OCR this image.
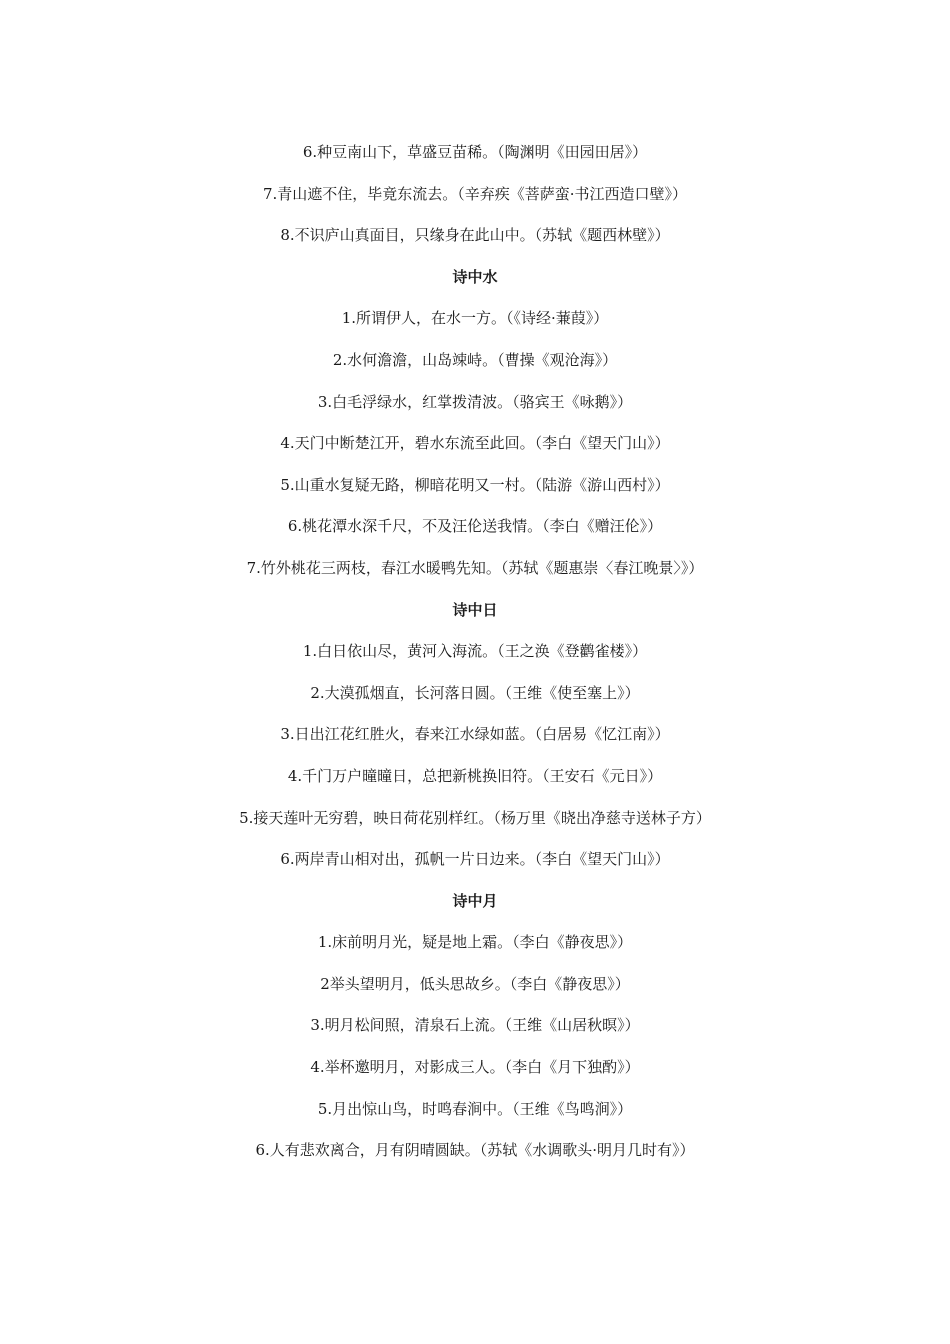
6.种豆南山下，草盛豆苗稀。（陶渊明《田园田居》）
7.青山遮不住，毕竟东流去。（辛弃疾《菩萨蛮·书江西造口壁》）
8.不识庐山真面目，只缘身在此山中。（苏轼《题西林壁》）
诗中水
1.所谓伊人，在水一方。（《诗经·蒹葭》）
2.水何澹澹，山岛竦峙。（曹操《观沧海》）
3.白毛浮绿水，红掌拨清波。（骆宾王《咏鹅》）
4.天门中断楚江开，碧水东流至此回。（李白《望天门山》）
5.山重水复疑无路，柳暗花明又一村。（陆游《游山西村》）
6.桃花潭水深千尺，不及汪伦送我情。（李白《赠汪伦》）
7.竹外桃花三两枝，春江水暖鸭先知。（苏轼《题惠崇〈春江晚景〉》）
诗中日
1.白日依山尽，黄河入海流。（王之涣《登鹳雀楼》）
2.大漠孤烟直，长河落日圆。（王维《使至塞上》）
3.日出江花红胜火，春来江水绿如蓝。（白居易《忆江南》）
4.千门万户曈曈日，总把新桃换旧符。（王安石《元日》）
5.接天莲叶无穷碧，映日荷花别样红。（杨万里《晓出净慈寺送林子方）
6.两岸青山相对出，孤帆一片日边来。（李白《望天门山》）
诗中月
1.床前明月光，疑是地上霜。（李白《静夜思》）
2举头望明月，低头思故乡。（李白《静夜思》）
3.明月松间照，清泉石上流。（王维《山居秋暝》）
4.举杯邀明月，对影成三人。（李白《月下独酌》）
5.月出惊山鸟，时鸣春涧中。（王维《鸟鸣涧》）
6.人有悲欢离合，月有阴晴圆缺。（苏轼《水调歌头·明月几时有》）
